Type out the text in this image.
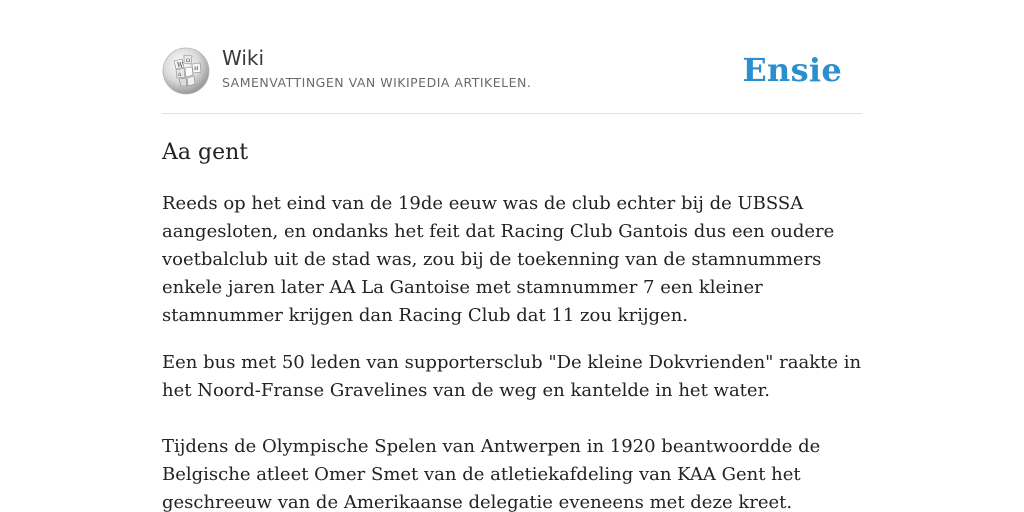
W
Ω
И
ά
Wiki
SAMENVATTINGEN VAN WIKIPEDIA ARTIKELEN.	Ensie
Aa gent

Reeds op het eind van de 19de eeuw was de club echter bij de UBSSA aangesloten, en ondanks het feit dat Racing Club Gantois dus een oudere voetbalclub uit de stad was, zou bij de toekenning van de stamnummers enkele jaren later AA La Gantoise met stamnummer 7 een kleiner stamnummer krijgen dan Racing Club dat 11 zou krijgen.

Een bus met 50 leden van supportersclub "De kleine Dokvrienden" raakte in het Noord-Franse Gravelines van de weg en kantelde in het water.

Tijdens de Olympische Spelen van Antwerpen in 1920 beantwoordde de Belgische atleet Omer Smet van de atletiekafdeling van KAA Gent het geschreeuw van de Amerikaanse delegatie eveneens met deze kreet.
